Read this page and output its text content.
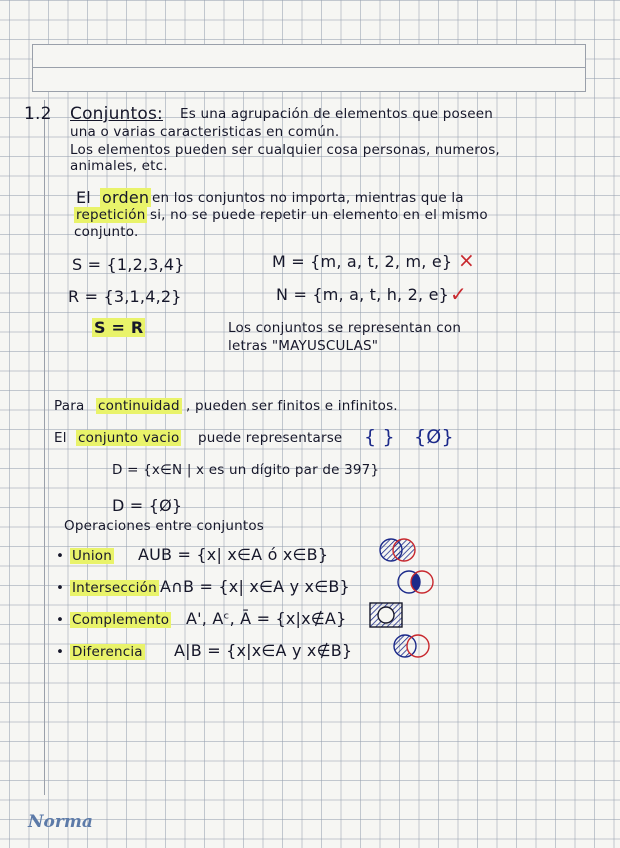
1.2 Conjuntos: Es una agrupación de elementos que poseen
una o varias caracteristicas en común.
Los elementos pueden ser cualquier cosa personas, numeros,
animales, etc.
El orden en los conjuntos no importa, mientras que la
repetición si, no se puede repetir un elemento en el mismo
conjunto.
S = {1,2,3,4}
R = {3,1,4,2}
M = {m, a, t, 2, m, e} ×
N = {m, a, t, h, 2, e} ✓
S = R	Los conjuntos se representan con
letras "MAYUSCULAS"
Para continuidad , pueden ser finitos e infinitos.
El conjunto vacio puede representarse { } {Ø}
D = {x∈N | x es un dígito par de 397}
D = {Ø}
Operaciones entre conjuntos
• Union AUB = {x| x∈A ó x∈B}
• Intersección A∩B = {x| x∈A y x∈B}
• Complemento A', Aᶜ, Ā = {x|x∉A}
• Diferencia A|B = {x|x∈A y x∉B}
Norma
